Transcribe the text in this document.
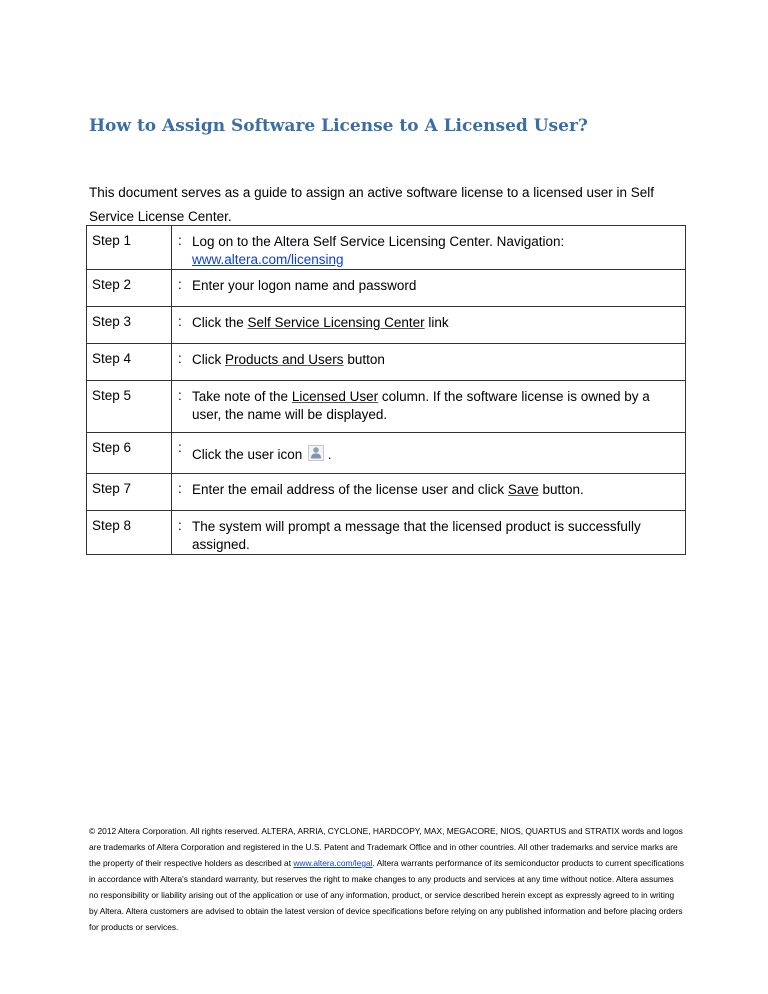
How to Assign Software License to A Licensed User?

This document serves as a guide to assign an active software license to a licensed user in Self Service License Center.

Step 1	:	Log on to the Altera Self Service Licensing Center. Navigation: www.altera.com/licensing
Step 2	:	Enter your logon name and password
Step 3	:	Click the Self Service Licensing Center link
Step 4	:	Click Products and Users button
Step 5	:	Take note of the Licensed User column. If the software license is owned by a user, the name will be displayed.
Step 6	:	Click the user icon
.
Step 7	:	Enter the email address of the license user and click Save button.
Step 8	:	The system will prompt a message that the licensed product is successfully assigned.

© 2012 Altera Corporation. All rights reserved. ALTERA, ARRIA, CYCLONE, HARDCOPY, MAX, MEGACORE, NIOS, QUARTUS and STRATIX words and logos are trademarks of Altera Corporation and registered in the U.S. Patent and Trademark Office and in other countries. All other trademarks and service marks are the property of their respective holders as described at www.altera.com/legal. Altera warrants performance of its semiconductor products to current specifications in accordance with Altera's standard warranty, but reserves the right to make changes to any products and services at any time without notice. Altera assumes no responsibility or liability arising out of the application or use of any information, product, or service described herein except as expressly agreed to in writing by Altera. Altera customers are advised to obtain the latest version of device specifications before relying on any published information and before placing orders for products or services.
